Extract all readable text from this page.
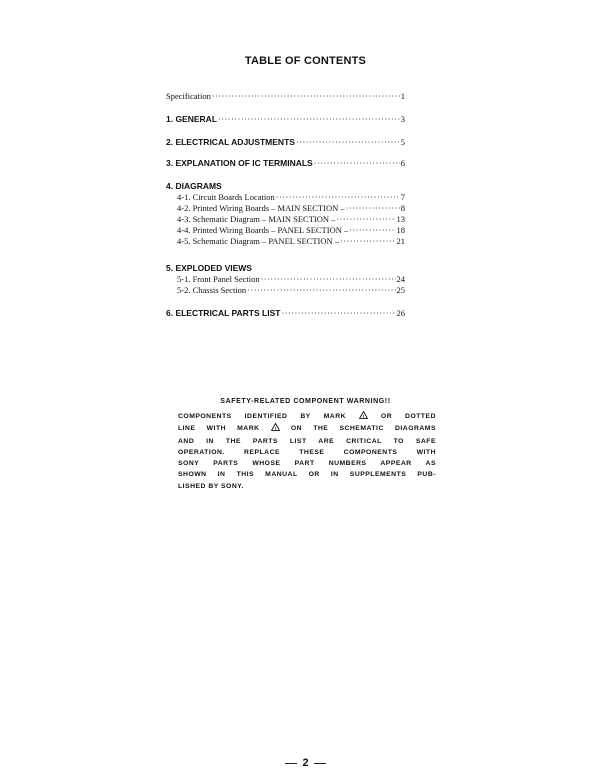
TABLE OF CONTENTS
Specification ·····	1
1. GENERAL ·····	3
2. ELECTRICAL ADJUSTMENTS ·····	5
3. EXPLANATION OF IC TERMINALS ·····	6
4. DIAGRAMS
4-1. Circuit Boards Location ·····	7
4-2. Printed Wiring Boards – MAIN SECTION – ·····	8
4-3. Schematic Diagram – MAIN SECTION – ·····	13
4-4. Printed Wiring Boards – PANEL SECTION – ·····	18
4-5. Schematic Diagram – PANEL SECTION – ·····	21
5. EXPLODED VIEWS
5-1. Front Panel Section ·····	24
5-2. Chassis Section ·····	25
6. ELECTRICAL PARTS LIST ·····	26
SAFETY-RELATED COMPONENT WARNING!!
COMPONENTS IDENTIFIED BY MARK	! OR DOTTED
LINE WITH MARK	! ON THE SCHEMATIC DIAGRAMS
AND IN THE PARTS LIST ARE CRITICAL TO SAFE
OPERATION. REPLACE THESE COMPONENTS WITH
SONY PARTS WHOSE PART NUMBERS APPEAR AS
SHOWN IN THIS MANUAL OR IN SUPPLEMENTS PUB-
LISHED BY SONY.
2
